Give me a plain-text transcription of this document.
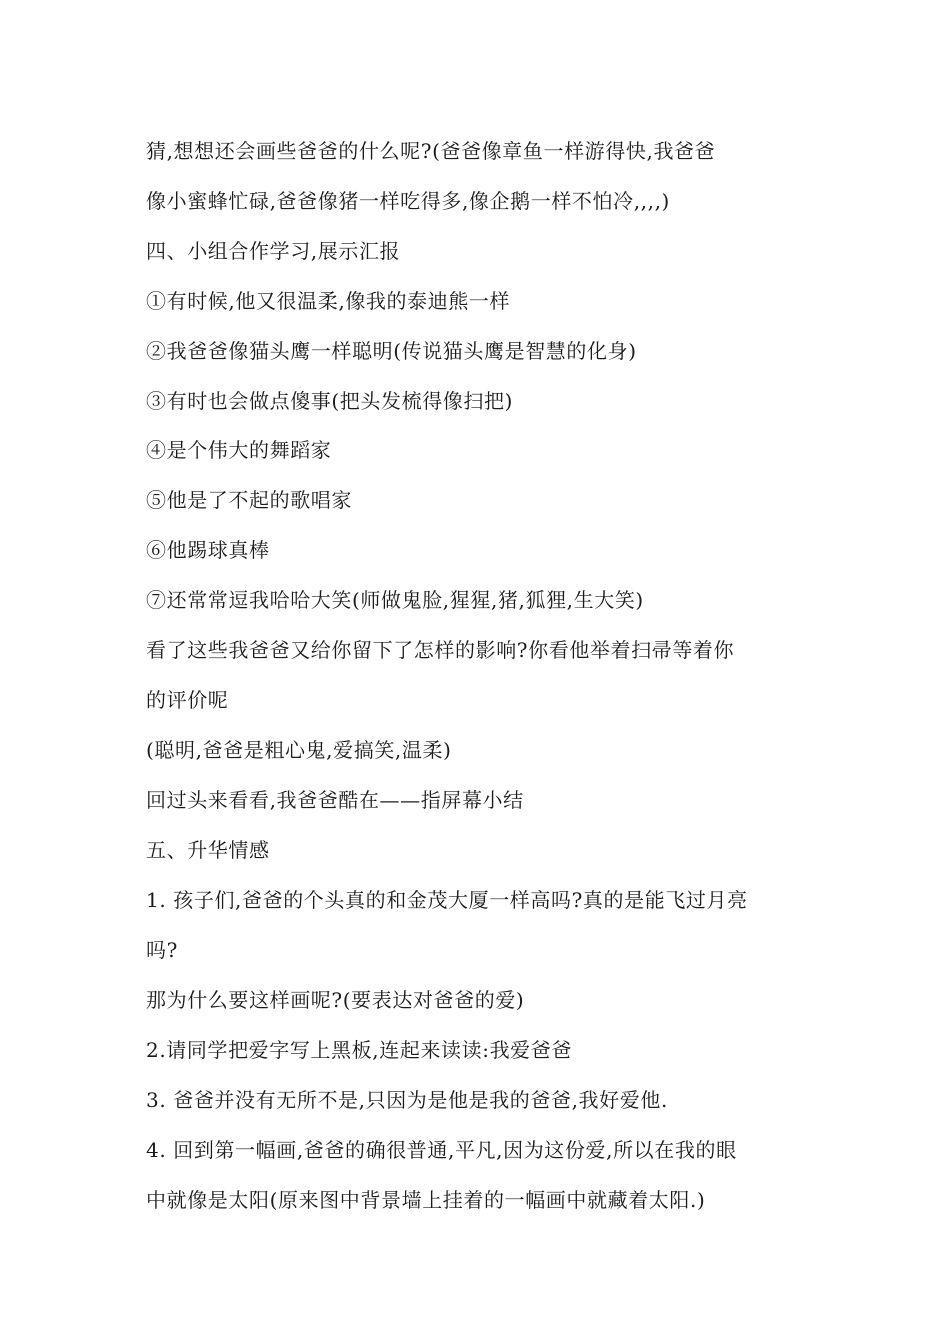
猜,想想还会画些爸爸的什么呢?(爸爸像章鱼一样游得快,我爸爸

像小蜜蜂忙碌,爸爸像猪一样吃得多,像企鹅一样不怕冷,,,,)

四、小组合作学习,展示汇报

①有时候,他又很温柔,像我的泰迪熊一样

②我爸爸像猫头鹰一样聪明(传说猫头鹰是智慧的化身)

③有时也会做点傻事(把头发梳得像扫把)

④是个伟大的舞蹈家

⑤他是了不起的歌唱家

⑥他踢球真棒

⑦还常常逗我哈哈大笑(师做鬼脸,猩猩,猪,狐狸,生大笑)

看了这些我爸爸又给你留下了怎样的影响?你看他举着扫帚等着你

的评价呢

(聪明,爸爸是粗心鬼,爱搞笑,温柔)

回过头来看看,我爸爸酷在——指屏幕小结

五、升华情感

1. 孩子们,爸爸的个头真的和金茂大厦一样高吗?真的是能飞过月亮

吗?

那为什么要这样画呢?(要表达对爸爸的爱)

2.请同学把爱字写上黑板,连起来读读:我爱爸爸

3. 爸爸并没有无所不是,只因为是他是我的爸爸,我好爱他.

4. 回到第一幅画,爸爸的确很普通,平凡,因为这份爱,所以在我的眼

中就像是太阳(原来图中背景墙上挂着的一幅画中就藏着太阳.)
